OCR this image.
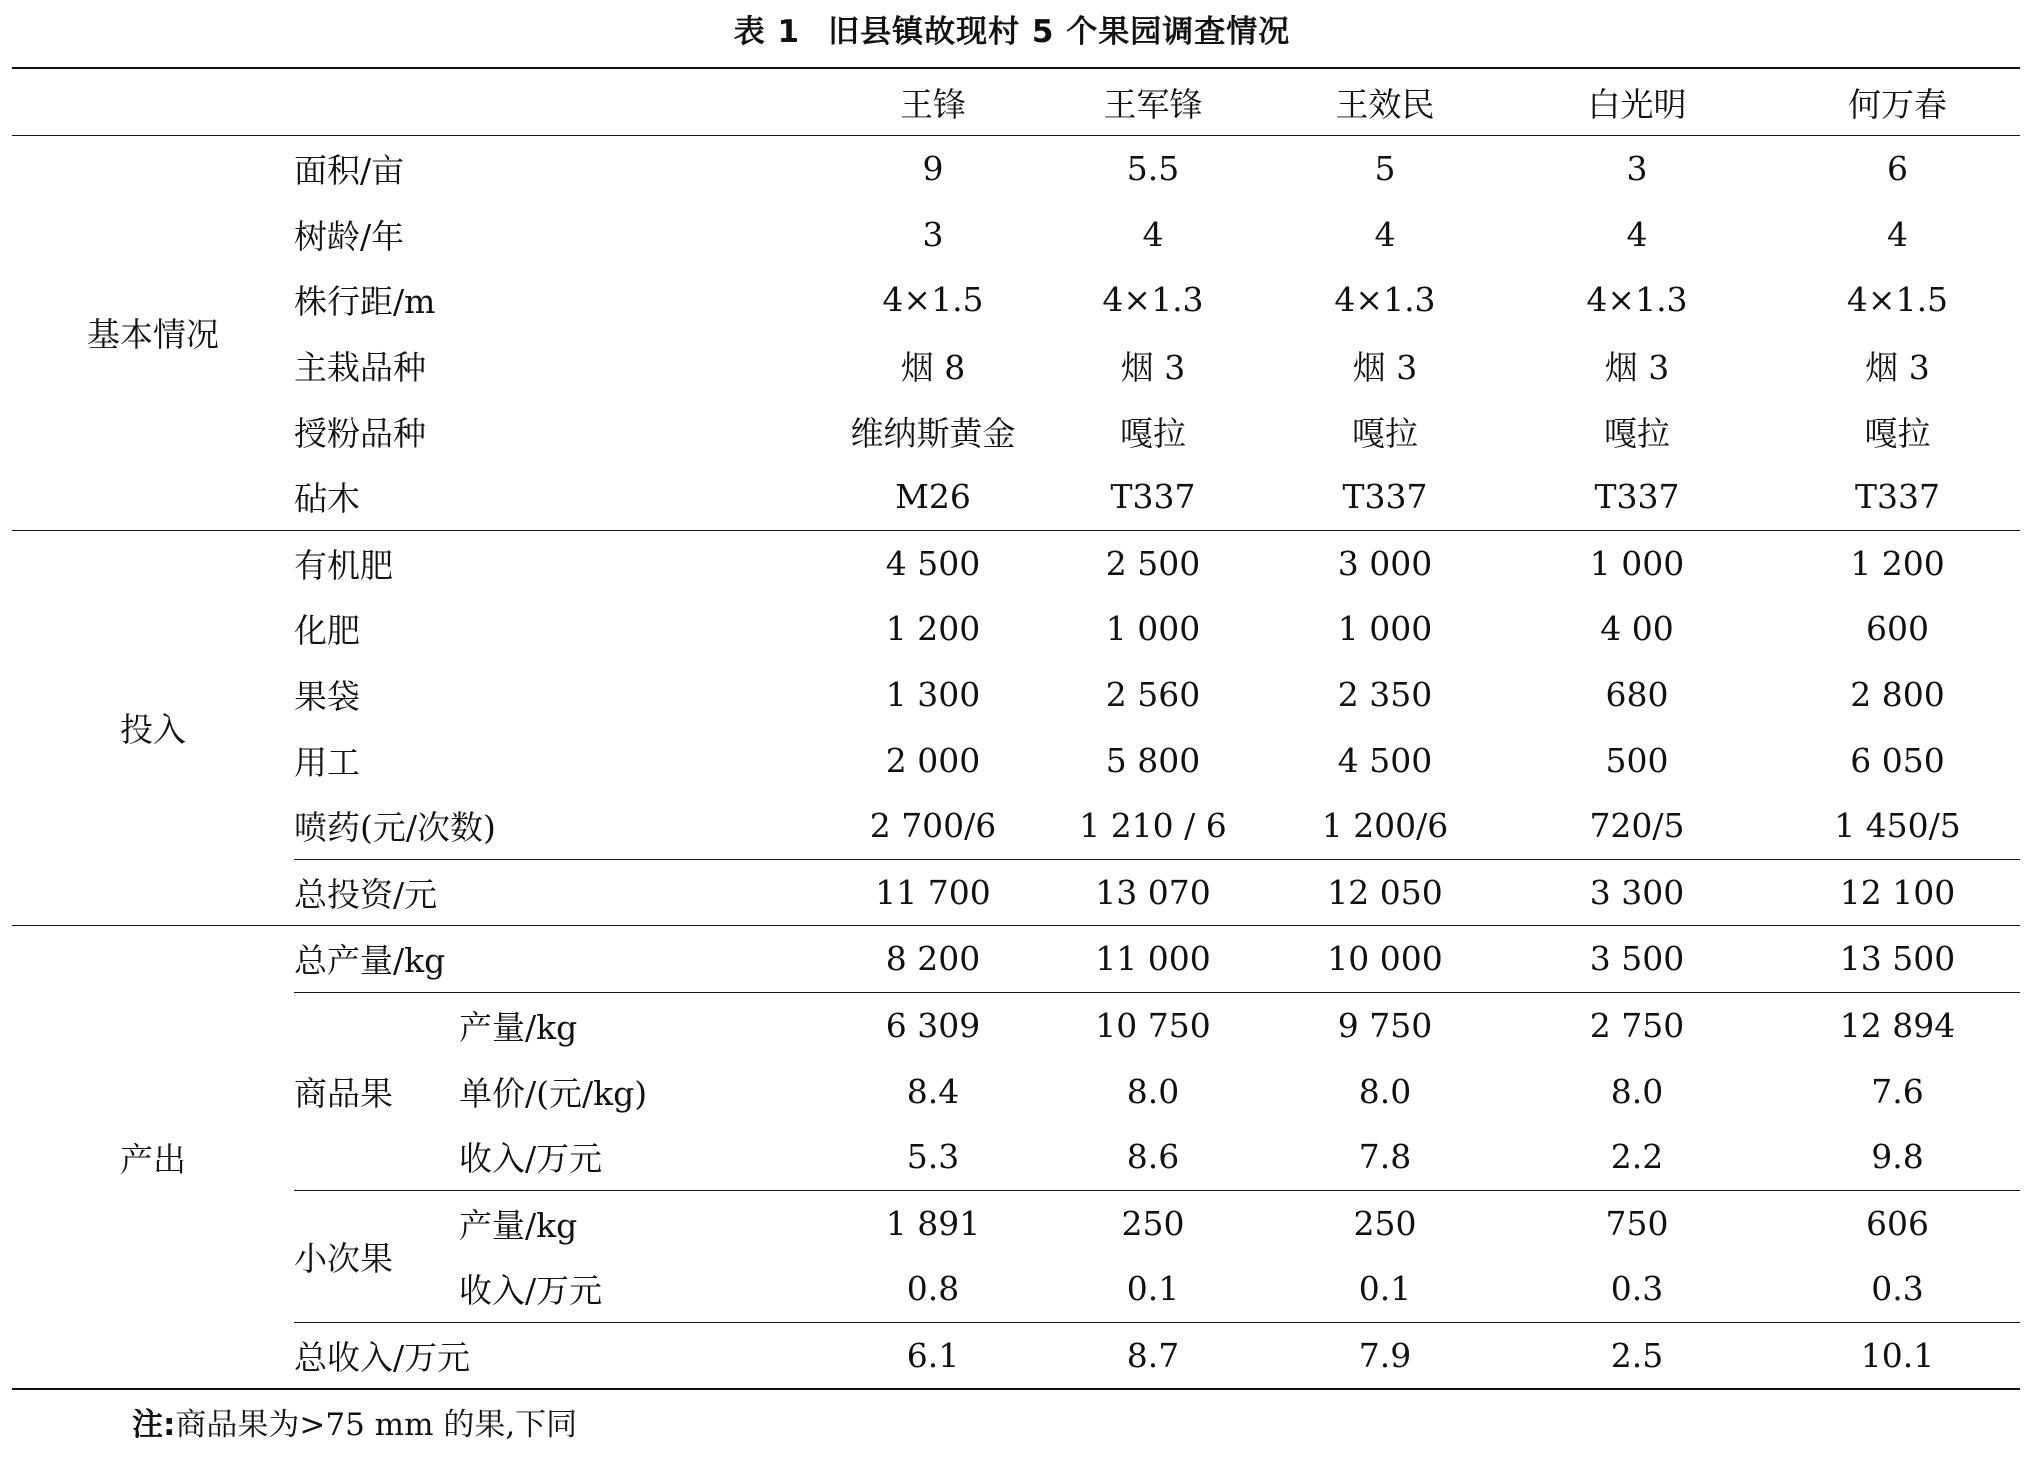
表 1 旧县镇故现村 5 个果园调查情况
			王锋	王军锋	王效民	白光明	何万春
基本情况	面积/亩		9	5.5	5	3	6
	树龄/年		3	4	4	4	4
	株行距/m		4×1.5	4×1.3	4×1.3	4×1.3	4×1.5
	主栽品种		烟 8	烟 3	烟 3	烟 3	烟 3
	授粉品种		维纳斯黄金	嘎拉	嘎拉	嘎拉	嘎拉
	砧木		M26	T337	T337	T337	T337
投入	有机肥		4 500	2 500	3 000	1 000	1 200
	化肥		1 200	1 000	1 000	4 00	600
	果袋		1 300	2 560	2 350	680	2 800
	用工		2 000	5 800	4 500	500	6 050
	喷药(元/次数)		2 700/6	1 210 / 6	1 200/6	720/5	1 450/5
	总投资/元		11 700	13 070	12 050	3 300	12 100
产出	总产量/kg		8 200	11 000	10 000	3 500	13 500
	商品果	产量/kg	6 309	10 750	9 750	2 750	12 894
		单价/(元/kg)	8.4	8.0	8.0	8.0	7.6
		收入/万元	5.3	8.6	7.8	2.2	9.8
	小次果	产量/kg	1 891	250	250	750	606
		收入/万元	0.8	0.1	0.1	0.3	0.3
	总收入/万元		6.1	8.7	7.9	2.5	10.1
注:商品果为>75 mm 的果,下同
